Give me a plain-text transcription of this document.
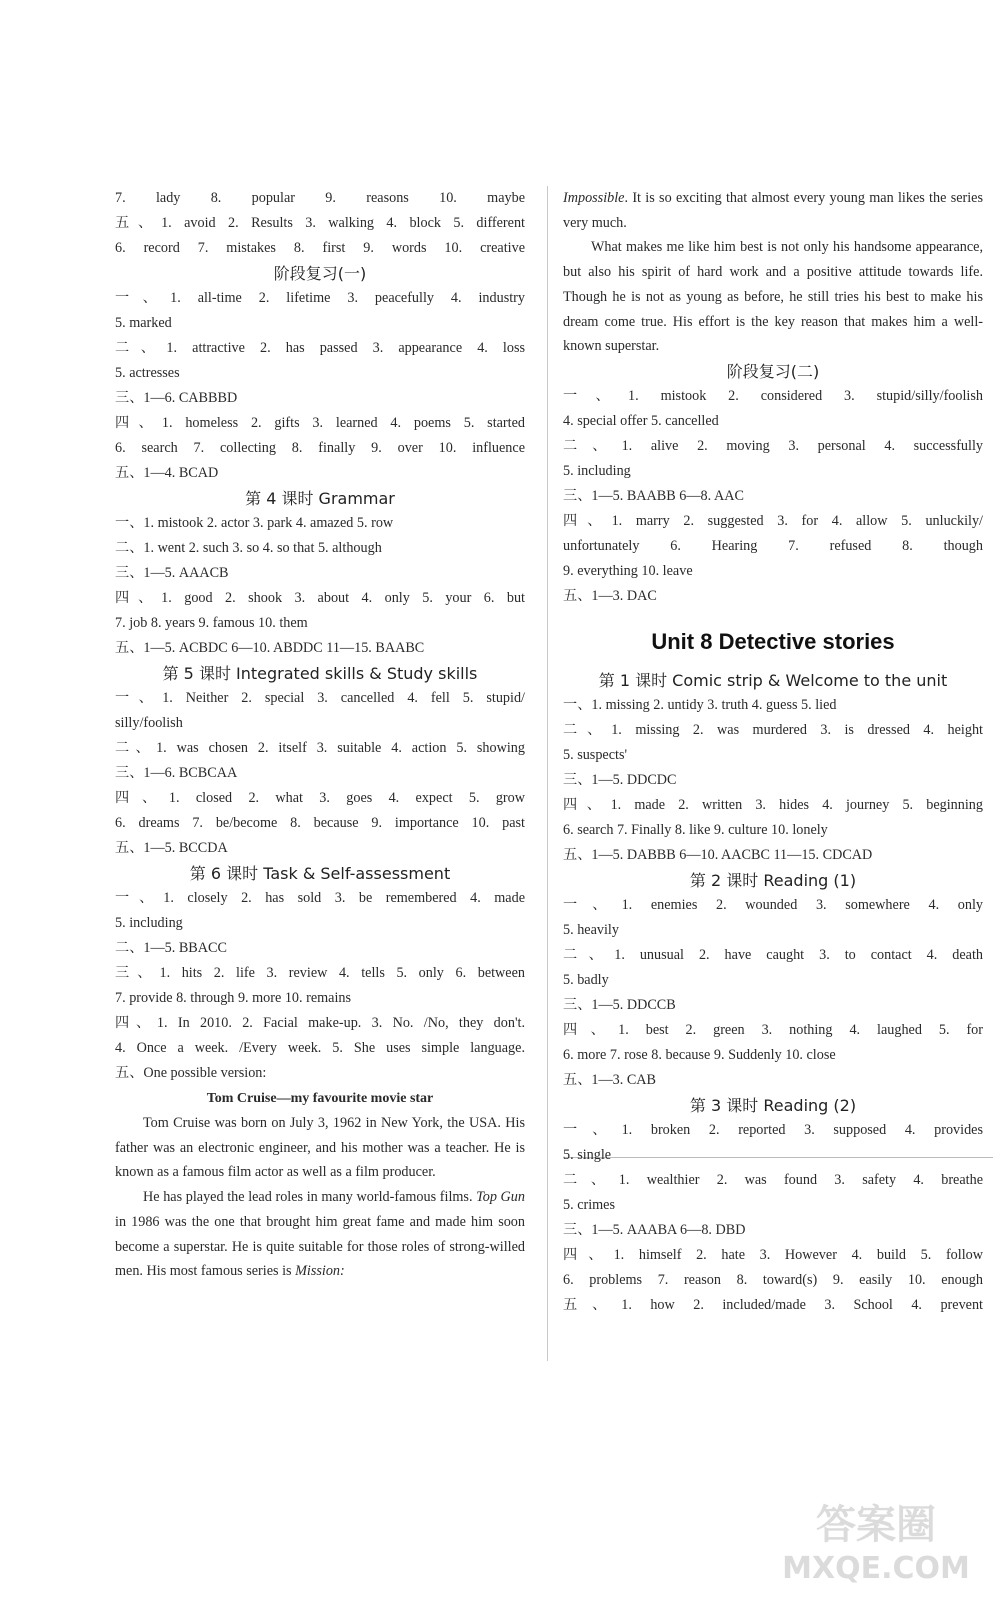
7. lady 8. popular 9. reasons 10. maybe
五、1. avoid 2. Results 3. walking 4. block 5. different
6. record 7. mistakes 8. first 9. words 10. creative
阶段复习(一)
一、1. all-time 2. lifetime 3. peacefully 4. industry
5. marked
二、1. attractive 2. has passed 3. appearance 4. loss
5. actresses
三、1—6. CABBBD
四、1. homeless 2. gifts 3. learned 4. poems 5. started
6. search 7. collecting 8. finally 9. over 10. influence
五、1—4. BCAD
第 4 课时 Grammar
一、1. mistook 2. actor 3. park 4. amazed 5. row
二、1. went 2. such 3. so 4. so that 5. although
三、1—5. AAACB
四、1. good 2. shook 3. about 4. only 5. your 6. but
7. job 8. years 9. famous 10. them
五、1—5. ACBDC 6—10. ABDDC 11—15. BAABC
第 5 课时 Integrated skills & Study skills
一、1. Neither 2. special 3. cancelled 4. fell 5. stupid/
silly/foolish
二、1. was chosen 2. itself 3. suitable 4. action 5. showing
三、1—6. BCBCAA
四、1. closed 2. what 3. goes 4. expect 5. grow
6. dreams 7. be/become 8. because 9. importance 10. past
五、1—5. BCCDA
第 6 课时 Task & Self-assessment
一、1. closely 2. has sold 3. be remembered 4. made
5. including
二、1—5. BBACC
三、1. hits 2. life 3. review 4. tells 5. only 6. between
7. provide 8. through 9. more 10. remains
四、1. In 2010. 2. Facial make-up. 3. No. /No, they don't.
4. Once a week. /Every week. 5. She uses simple language.
五、One possible version:
Tom Cruise—my favourite movie star

Tom Cruise was born on July 3, 1962 in New York, the USA. His father was an electronic engineer, and his mother was a teacher. He is known as a famous film actor as well as a film producer.

He has played the lead roles in many world-famous films. Top Gun in 1986 was the one that brought him great fame and made him soon become a superstar. He is quite suitable for those roles of strong-willed men. His most famous series is Mission:

Impossible. It is so exciting that almost every young man likes the series very much.

What makes me like him best is not only his handsome appearance, but also his spirit of hard work and a positive attitude towards life. Though he is not as young as before, he still tries his best to make his dream come true. His effort is the key reason that makes him a well-known superstar.

阶段复习(二)
一、1. mistook 2. considered 3. stupid/silly/foolish
4. special offer 5. cancelled
二、1. alive 2. moving 3. personal 4. successfully
5. including
三、1—5. BAABB 6—8. AAC
四、1. marry 2. suggested 3. for 4. allow 5. unluckily/
unfortunately 6. Hearing 7. refused 8. though
9. everything 10. leave
五、1—3. DAC
Unit 8 Detective stories
第 1 课时 Comic strip & Welcome to the unit
一、1. missing 2. untidy 3. truth 4. guess 5. lied
二、1. missing 2. was murdered 3. is dressed 4. height
5. suspects'
三、1—5. DDCDC
四、1. made 2. written 3. hides 4. journey 5. beginning
6. search 7. Finally 8. like 9. culture 10. lonely
五、1—5. DABBB 6—10. AACBC 11—15. CDCAD
第 2 课时 Reading (1)
一、1. enemies 2. wounded 3. somewhere 4. only
5. heavily
二、1. unusual 2. have caught 3. to contact 4. death
5. badly
三、1—5. DDCCB
四、1. best 2. green 3. nothing 4. laughed 5. for
6. more 7. rose 8. because 9. Suddenly 10. close
五、1—3. CAB
第 3 课时 Reading (2)
一、1. broken 2. reported 3. supposed 4. provides
5. single
二、1. wealthier 2. was found 3. safety 4. breathe
5. crimes
三、1—5. AAABA 6—8. DBD
四、1. himself 2. hate 3. However 4. build 5. follow
6. problems 7. reason 8. toward(s) 9. easily 10. enough
五、1. how 2. included/made 3. School 4. prevent
答案圈
MXQE.COM
